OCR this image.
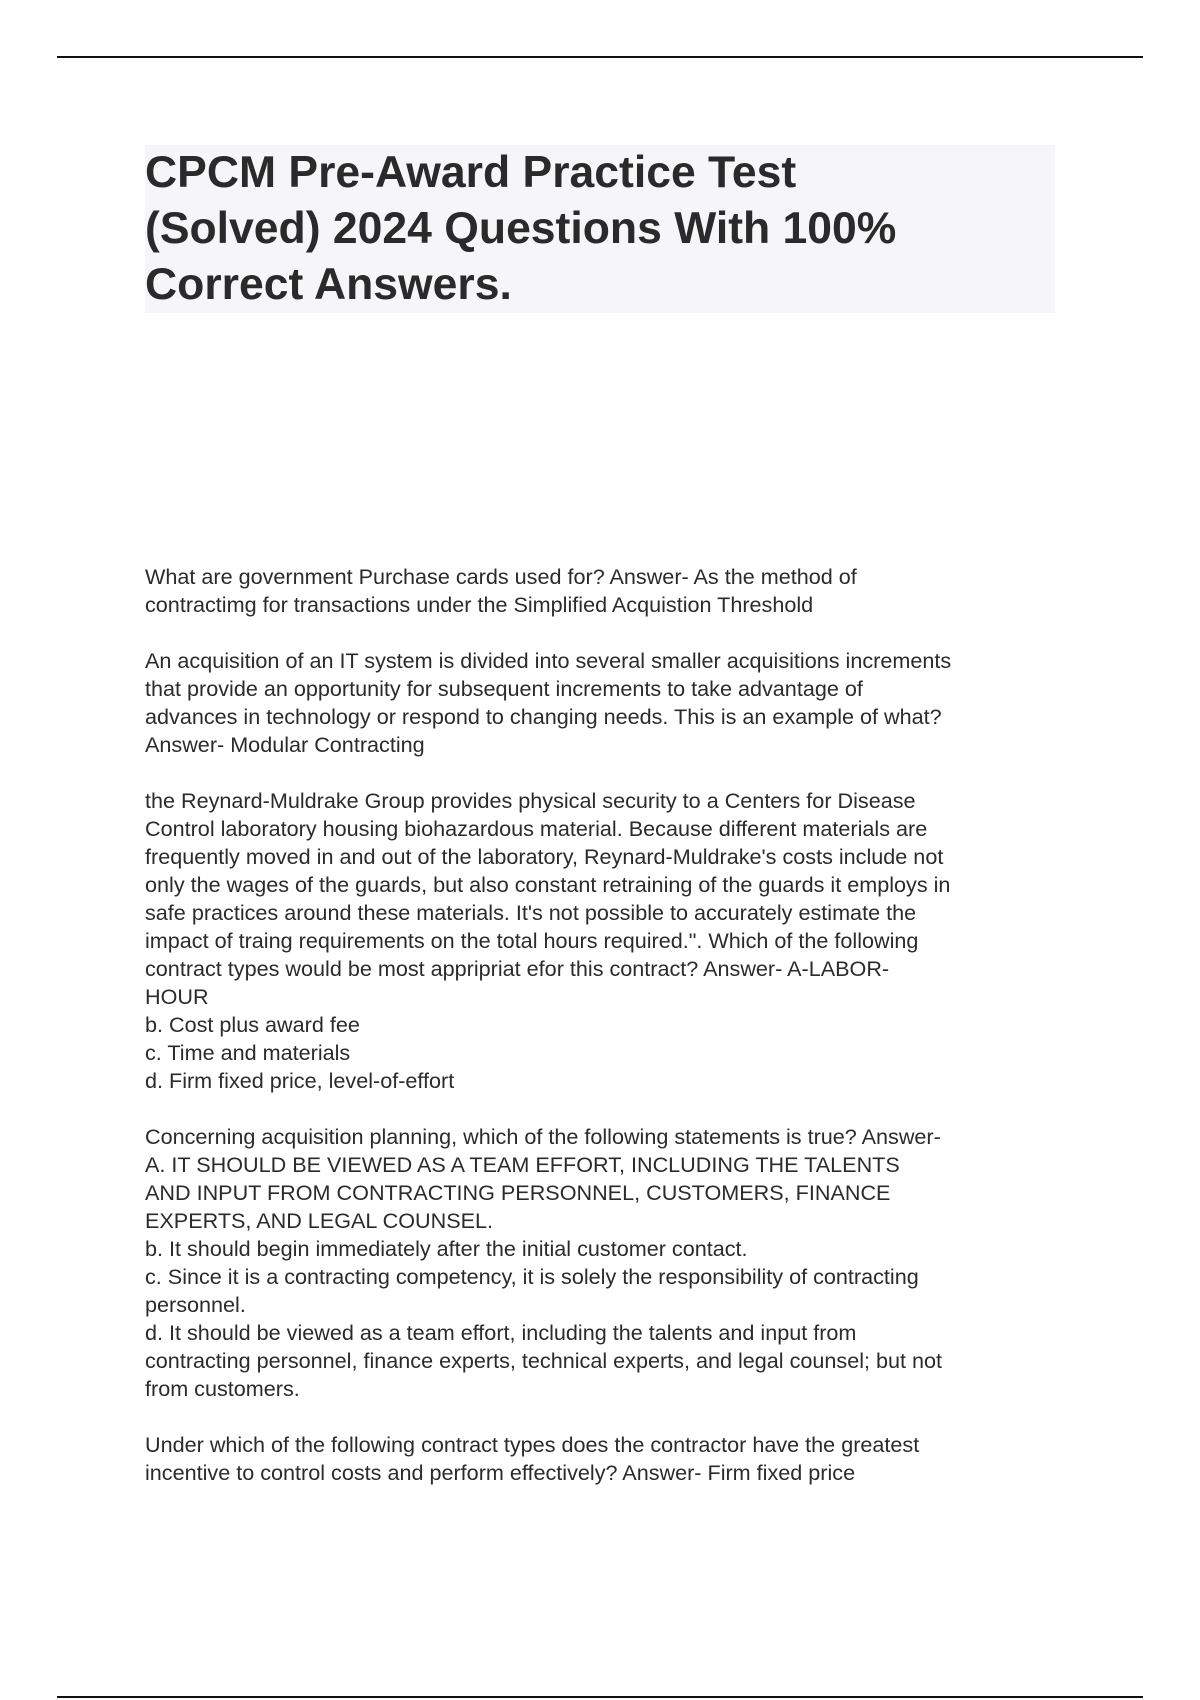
CPCM Pre-Award Practice Test
(Solved) 2024 Questions With 100%
Correct Answers.
What are government Purchase cards used for? Answer- As the method of
contractimg for transactions under the Simplified Acquistion Threshold
An acquisition of an IT system is divided into several smaller acquisitions increments
that provide an opportunity for subsequent increments to take advantage of
advances in technology or respond to changing needs. This is an example of what?
Answer- Modular Contracting
the Reynard-Muldrake Group provides physical security to a Centers for Disease
Control laboratory housing biohazardous material. Because different materials are
frequently moved in and out of the laboratory, Reynard-Muldrake's costs include not
only the wages of the guards, but also constant retraining of the guards it employs in
safe practices around these materials. It's not possible to accurately estimate the
impact of traing requirements on the total hours required.". Which of the following
contract types would be most appripriat efor this contract? Answer- A-LABOR-
HOUR
b. Cost plus award fee
c. Time and materials
d. Firm fixed price, level-of-effort
Concerning acquisition planning, which of the following statements is true? Answer-
A. IT SHOULD BE VIEWED AS A TEAM EFFORT, INCLUDING THE TALENTS
AND INPUT FROM CONTRACTING PERSONNEL, CUSTOMERS, FINANCE
EXPERTS, AND LEGAL COUNSEL.
b. It should begin immediately after the initial customer contact.
c. Since it is a contracting competency, it is solely the responsibility of contracting
personnel.
d. It should be viewed as a team effort, including the talents and input from
contracting personnel, finance experts, technical experts, and legal counsel; but not
from customers.
Under which of the following contract types does the contractor have the greatest
incentive to control costs and perform effectively? Answer- Firm fixed price
